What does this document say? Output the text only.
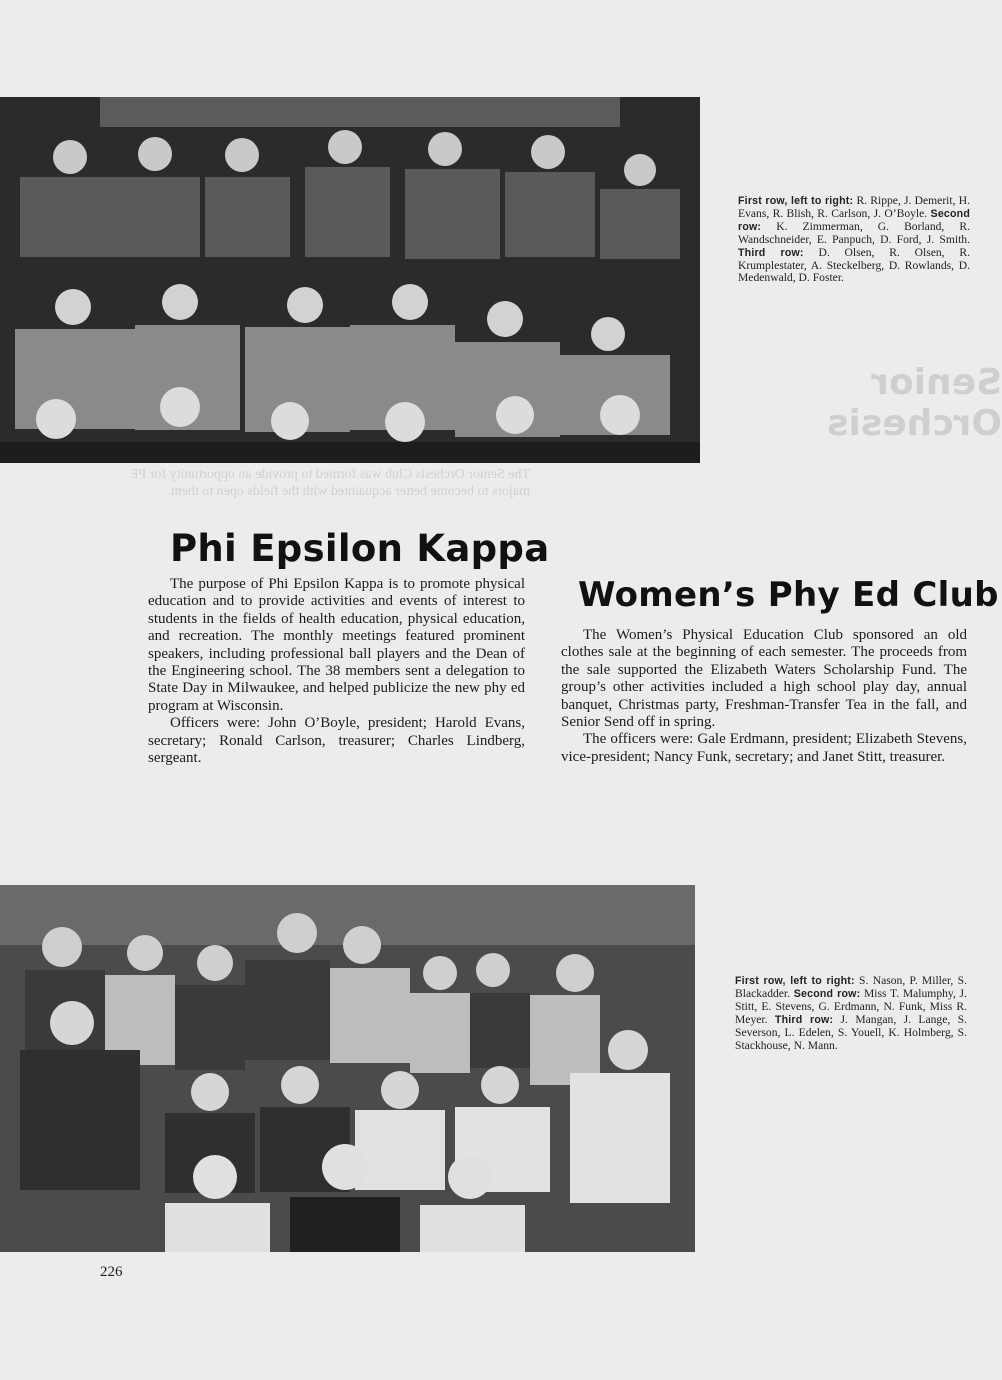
Senior Orchesis
The Senior Orchesis Club was formed to provide an opportunity for PE majors to become better acquainted with the fields open to them.
First row, left to right: R. Rippe, J. Demerit, H. Evans, R. Blish, R. Carlson, J. O’Boyle. Second row: K. Zimmerman, G. Borland, R. Wandschneider, E. Panpuch, D. Ford, J. Smith. Third row: D. Olsen, R. Olsen, R. Krumplestater, A. Steckelberg, D. Rowlands, D. Medenwald, D. Foster.
Phi Epsilon Kappa

The purpose of Phi Epsilon Kappa is to promote physical education and to provide activities and events of interest to students in the fields of health education, physical education, and recreation. The monthly meetings featured prominent speakers, including professional ball players and the Dean of the Engineering school. The 38 members sent a delegation to State Day in Milwaukee, and helped publicize the new phy ed program at Wisconsin.

Officers were: John O’Boyle, president; Harold Evans, secretary; Ronald Carlson, treasurer; Charles Lindberg, sergeant.

Women’s Phy Ed Club

The Women’s Physical Education Club sponsored an old clothes sale at the beginning of each semester. The proceeds from the sale supported the Elizabeth Waters Scholarship Fund. The group’s other activities included a high school play day, annual banquet, Christmas party, Freshman-Transfer Tea in the fall, and Senior Send off in spring.

The officers were: Gale Erdmann, president; Elizabeth Stevens, vice-president; Nancy Funk, secretary; and Janet Stitt, treasurer.

First row, left to right: S. Nason, P. Miller, S. Blackadder. Second row: Miss T. Malumphy, J. Stitt, E. Stevens, G. Erdmann, N. Funk, Miss R. Meyer. Third row: J. Mangan, J. Lange, S. Severson, L. Edelen, S. Youell, K. Holmberg, S. Stackhouse, N. Mann.
226
